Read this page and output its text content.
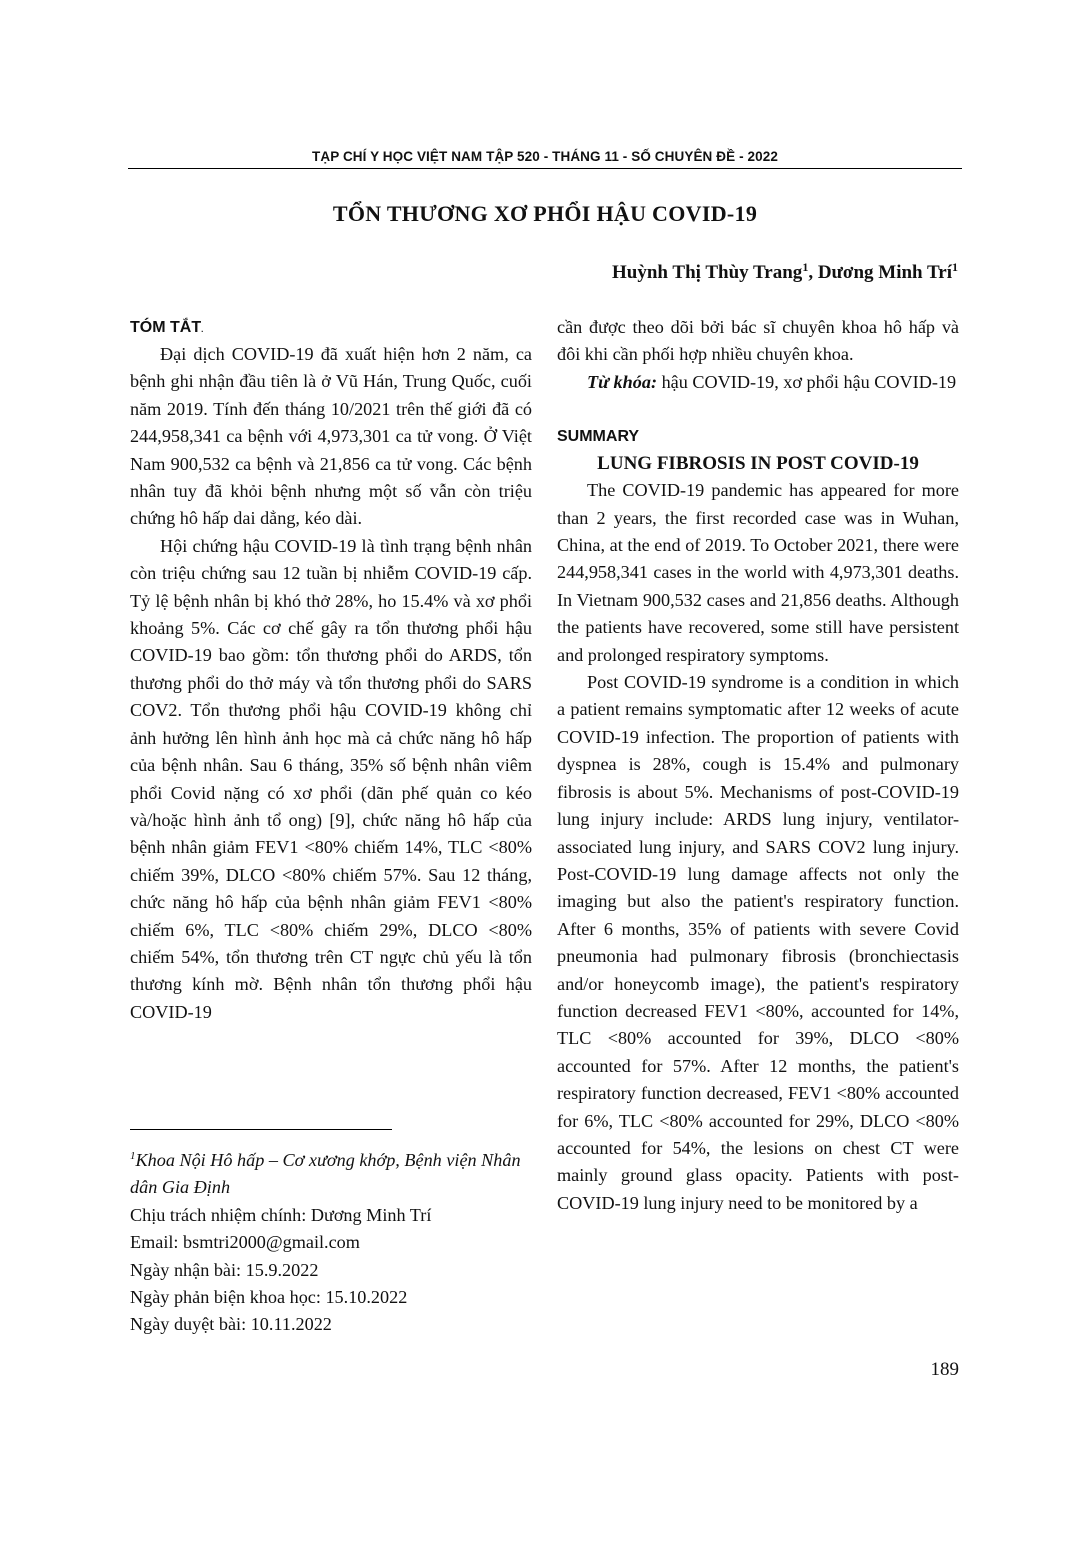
TẠP CHÍ Y HỌC VIỆT NAM TẬP 520 - THÁNG 11 - SỐ CHUYÊN ĐỀ - 2022
TỔN THƯƠNG XƠ PHỔI HẬU COVID-19
Huỳnh Thị Thùy Trang$^1$, Dương Minh Trí$^1$
TÓM TẮT.

Đại dịch COVID-19 đã xuất hiện hơn 2 năm, ca bệnh ghi nhận đầu tiên là ở Vũ Hán, Trung Quốc, cuối năm 2019. Tính đến tháng 10/2021 trên thế giới đã có 244,958,341 ca bệnh với 4,973,301 ca tử vong. Ở Việt Nam 900,532 ca bệnh và 21,856 ca tử vong. Các bệnh nhân tuy đã khỏi bệnh nhưng một số vẫn còn triệu chứng hô hấp dai dẳng, kéo dài.

Hội chứng hậu COVID-19 là tình trạng bệnh nhân còn triệu chứng sau 12 tuần bị nhiễm COVID-19 cấp. Tỷ lệ bệnh nhân bị khó thở 28%, ho 15.4% và xơ phổi khoảng 5%. Các cơ chế gây ra tổn thương phổi hậu COVID-19 bao gồm: tổn thương phổi do ARDS, tổn thương phổi do thở máy và tổn thương phổi do SARS COV2. Tổn thương phổi hậu COVID-19 không chỉ ảnh hưởng lên hình ảnh học mà cả chức năng hô hấp của bệnh nhân. Sau 6 tháng, 35% số bệnh nhân viêm phổi Covid nặng có xơ phổi (dãn phế quản co kéo và/hoặc hình ảnh tổ ong) [9], chức năng hô hấp của bệnh nhân giảm FEV1 <80% chiếm 14%, TLC <80% chiếm 39%, DLCO <80% chiếm 57%. Sau 12 tháng, chức năng hô hấp của bệnh nhân giảm FEV1 <80% chiếm 6%, TLC <80% chiếm 29%, DLCO <80% chiếm 54%, tổn thương trên CT ngực chủ yếu là tổn thương kính mờ. Bệnh nhân tổn thương phổi hậu COVID-19

cần được theo dõi bởi bác sĩ chuyên khoa hô hấp và đôi khi cần phối hợp nhiều chuyên khoa.

Từ khóa: hậu COVID-19, xơ phổi hậu COVID-19

SUMMARY
LUNG FIBROSIS IN POST COVID-19

The COVID-19 pandemic has appeared for more than 2 years, the first recorded case was in Wuhan, China, at the end of 2019. To October 2021, there were 244,958,341 cases in the world with 4,973,301 deaths. In Vietnam 900,532 cases and 21,856 deaths. Although the patients have recovered, some still have persistent and prolonged respiratory symptoms.

Post COVID-19 syndrome is a condition in which a patient remains symptomatic after 12 weeks of acute COVID-19 infection. The proportion of patients with dyspnea is 28%, cough is 15.4% and pulmonary fibrosis is about 5%. Mechanisms of post-COVID-19 lung injury include: ARDS lung injury, ventilator-associated lung injury, and SARS COV2 lung injury. Post-COVID-19 lung damage affects not only the imaging but also the patient's respiratory function. After 6 months, 35% of patients with severe Covid pneumonia had pulmonary fibrosis (bronchiectasis and/or honeycomb image), the patient's respiratory function decreased FEV1 <80%, accounted for 14%, TLC <80% accounted for 39%, DLCO <80% accounted for 57%. After 12 months, the patient's respiratory function decreased, FEV1 <80% accounted for 6%, TLC <80% accounted for 29%, DLCO <80% accounted for 54%, the lesions on chest CT were mainly ground glass opacity. Patients with post-COVID-19 lung injury need to be monitored by a

$^1$Khoa Nội Hô hấp – Cơ xương khớp, Bệnh viện Nhân dân Gia Định

Chịu trách nhiệm chính: Dương Minh Trí

Email: bsmtri2000@gmail.com

Ngày nhận bài: 15.9.2022

Ngày phản biện khoa học: 15.10.2022

Ngày duyệt bài: 10.11.2022

189
